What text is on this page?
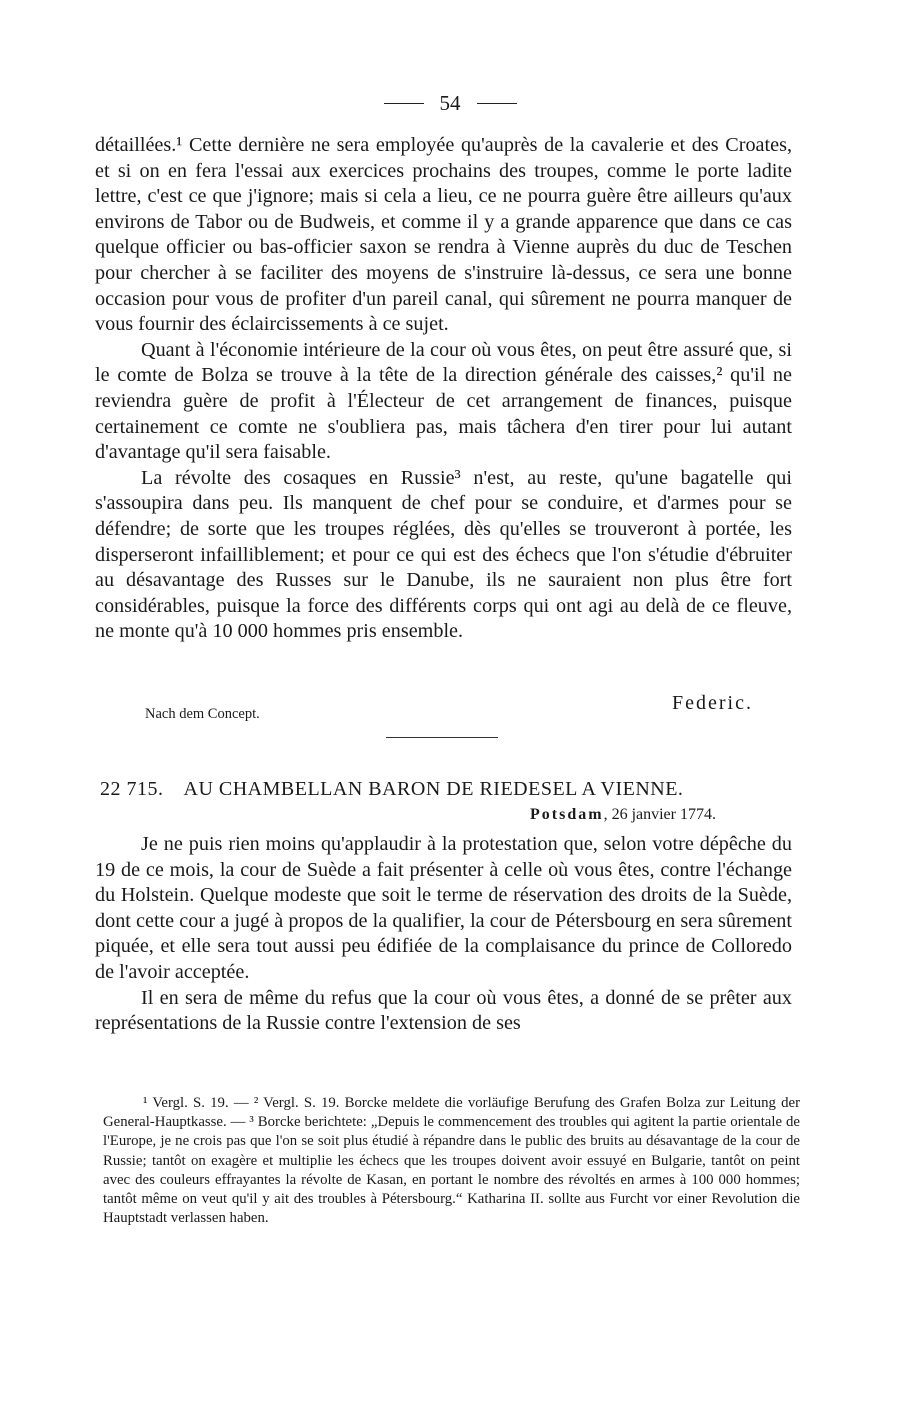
54

détaillées.¹ Cette dernière ne sera employée qu'auprès de la cavalerie et des Croates, et si on en fera l'essai aux exercices prochains des troupes, comme le porte ladite lettre, c'est ce que j'ignore; mais si cela a lieu, ce ne pourra guère être ailleurs qu'aux environs de Tabor ou de Budweis, et comme il y a grande apparence que dans ce cas quelque officier ou bas-officier saxon se rendra à Vienne auprès du duc de Teschen pour chercher à se faciliter des moyens de s'instruire là-dessus, ce sera une bonne occasion pour vous de profiter d'un pareil canal, qui sûrement ne pourra manquer de vous fournir des éclaircissements à ce sujet.

Quant à l'économie intérieure de la cour où vous êtes, on peut être assuré que, si le comte de Bolza se trouve à la tête de la direction générale des caisses,² qu'il ne reviendra guère de profit à l'Électeur de cet arrangement de finances, puisque certainement ce comte ne s'oubliera pas, mais tâchera d'en tirer pour lui autant d'avantage qu'il sera faisable.

La révolte des cosaques en Russie³ n'est, au reste, qu'une bagatelle qui s'assoupira dans peu. Ils manquent de chef pour se conduire, et d'armes pour se défendre; de sorte que les troupes réglées, dès qu'elles se trouveront à portée, les disperseront infailliblement; et pour ce qui est des échecs que l'on s'étudie d'ébruiter au désavantage des Russes sur le Danube, ils ne sauraient non plus être fort considérables, puisque la force des différents corps qui ont agi au delà de ce fleuve, ne monte qu'à 10 000 hommes pris ensemble.

Federic.
Nach dem Concept.
22 715. AU CHAMBELLAN BARON DE RIEDESEL A VIENNE.
Potsdam, 26 janvier 1774.

Je ne puis rien moins qu'applaudir à la protestation que, selon votre dépêche du 19 de ce mois, la cour de Suède a fait présenter à celle où vous êtes, contre l'échange du Holstein. Quelque modeste que soit le terme de réservation des droits de la Suède, dont cette cour a jugé à propos de la qualifier, la cour de Pétersbourg en sera sûrement piquée, et elle sera tout aussi peu édifiée de la complaisance du prince de Colloredo de l'avoir acceptée.

Il en sera de même du refus que la cour où vous êtes, a donné de se prêter aux représentations de la Russie contre l'extension de ses

¹ Vergl. S. 19. — ² Vergl. S. 19. Borcke meldete die vorläufige Berufung des Grafen Bolza zur Leitung der General-Hauptkasse. — ³ Borcke berichtete: „Depuis le commencement des troubles qui agitent la partie orientale de l'Europe, je ne crois pas que l'on se soit plus étudié à répandre dans le public des bruits au désavantage de la cour de Russie; tantôt on exagère et multiplie les échecs que les troupes doivent avoir essuyé en Bulgarie, tantôt on peint avec des couleurs effrayantes la révolte de Kasan, en portant le nombre des révoltés en armes à 100 000 hommes; tantôt même on veut qu'il y ait des troubles à Pétersbourg.“ Katharina II. sollte aus Furcht vor einer Revolution die Hauptstadt verlassen haben.
